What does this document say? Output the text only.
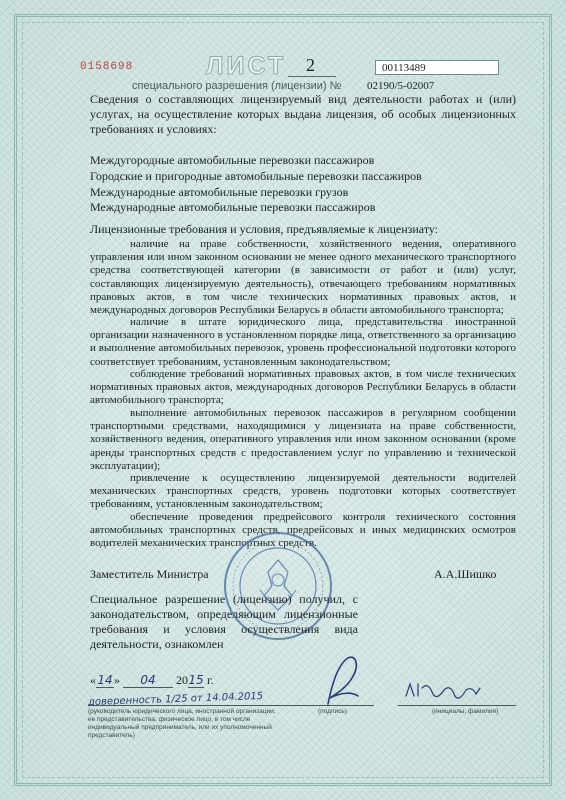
0158698	ЛИСТ 2	00113489
специального разрешения (лицензии) № 02190/5-02007
Сведения о составляющих лицензируемый вид деятельности работах и (или) услугах, на осуществление которых выдана лицензия, об особых лицензионных требованиях и условиях:
Междугородные автомобильные перевозки пассажиров
Городские и пригородные автомобильные перевозки пассажиров
Международные автомобильные перевозки грузов
Международные автомобильные перевозки пассажиров
Лицензионные требования и условия, предъявляемые к лицензиату:
наличие на праве собственности, хозяйственного ведения, оперативного управления или ином законном основании не менее одного механического транспортного средства соответствующей категории (в зависимости от работ и (или) услуг, составляющих лицензируемую деятельность), отвечающего требованиям нормативных правовых актов, в том числе технических нормативных правовых актов, и международных договоров Республики Беларусь в области автомобильного транспорта;
наличие в штате юридического лица, представительства иностранной организации назначенного в установленном порядке лица, ответственного за организацию и выполнение автомобильных перевозок, уровень профессиональной подготовки которого соответствует требованиям, установленным законодательством;
соблюдение требований нормативных правовых актов, в том числе технических нормативных правовых актов, международных договоров Республики Беларусь в области автомобильного транспорта;
выполнение автомобильных перевозок пассажиров в регулярном сообщении транспортными средствами, находящимися у лицензиата на праве собственности, хозяйственного ведения, оперативного управления или ином законном основании (кроме аренды транспортных средств с предоставлением услуг по управлению и технической эксплуатации);
привлечение к осуществлению лицензируемой деятельности водителей механических транспортных средств, уровень подготовки которых соответствует требованиям, установленным законодательством;
обеспечение проведения предрейсового контроля технического состояния автомобильных транспортных средств, предрейсовых и иных медицинских осмотров водителей механических транспортных средств.
Заместитель Министра	А.А.Шишко
Специальное разрешение (лицензию) получил, с законодательством, определяющим лицензионные требования и условия осуществления вида деятельности, ознакомлен
«14» 04 2015 г.
доверенность 1/25 от 14.04.2015
(руководитель юридического лица, иностранной организации, ее представительства, физическое лицо, в том числе индивидуальный предприниматель, или их уполномоченный представитель)
(подпись)	(инициалы, фамилия)
